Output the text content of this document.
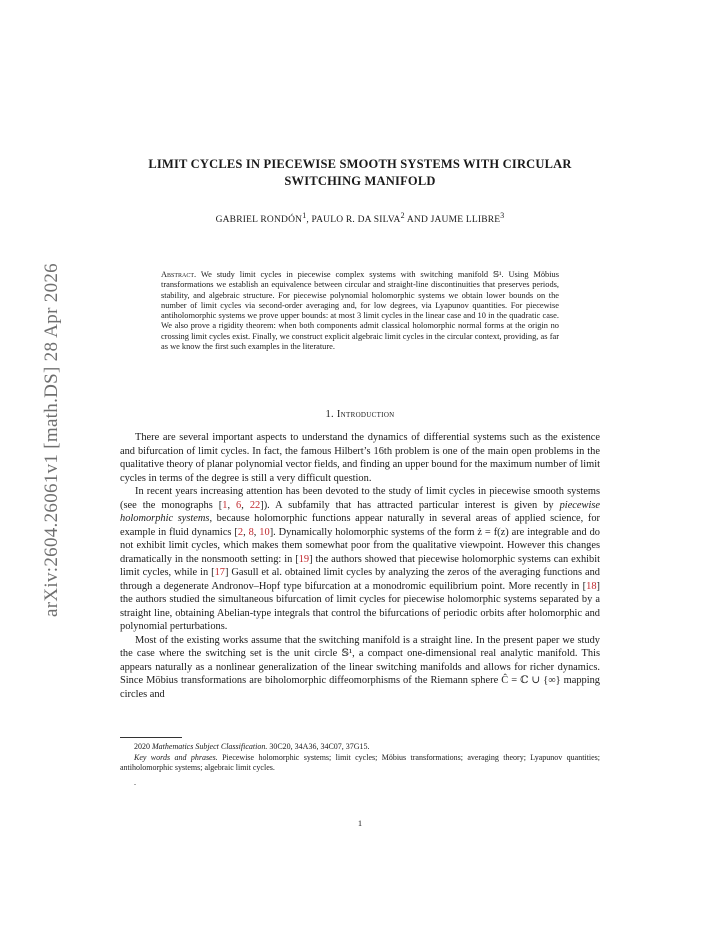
arXiv:2604.26061v1 [math.DS] 28 Apr 2026
LIMIT CYCLES IN PIECEWISE SMOOTH SYSTEMS WITH CIRCULAR
SWITCHING MANIFOLD
GABRIEL RONDÓN$^1$, PAULO R. DA SILVA$^2$ AND JAUME LLIBRE$^3$
Abstract. We study limit cycles in piecewise complex systems with switching manifold 𝕊¹. Using Möbius transformations we establish an equivalence between circular and straight-line discontinuities that preserves periods, stability, and algebraic structure. For piecewise polynomial holomorphic systems we obtain lower bounds on the number of limit cycles via second-order averaging and, for low degrees, via Lyapunov quantities. For piecewise antiholomorphic systems we prove upper bounds: at most 3 limit cycles in the linear case and 10 in the quadratic case. We also prove a rigidity theorem: when both components admit classical holomorphic normal forms at the origin no crossing limit cycles exist. Finally, we construct explicit algebraic limit cycles in the circular context, providing, as far as we know the first such examples in the literature.
1. Introduction

There are several important aspects to understand the dynamics of differential systems such as the existence and bifurcation of limit cycles. In fact, the famous Hilbert’s 16th problem is one of the main open problems in the qualitative theory of planar polynomial vector fields, and finding an upper bound for the maximum number of limit cycles in terms of the degree is still a very difficult question.

In recent years increasing attention has been devoted to the study of limit cycles in piecewise smooth systems (see the monographs [1, 6, 22]). A subfamily that has attracted particular interest is given by piecewise holomorphic systems, because holomorphic functions appear naturally in several areas of applied science, for example in fluid dynamics [2, 8, 10]. Dynamically holomorphic systems of the form ż = f(z) are integrable and do not exhibit limit cycles, which makes them somewhat poor from the qualitative viewpoint. However this changes dramatically in the nonsmooth setting: in [19] the authors showed that piecewise holomorphic systems can exhibit limit cycles, while in [17] Gasull et al. obtained limit cycles by analyzing the zeros of the averaging functions and through a degenerate Andronov–Hopf type bifurcation at a monodromic equilibrium point. More recently in [18] the authors studied the simultaneous bifurcation of limit cycles for piecewise holomorphic systems separated by a straight line, obtaining Abelian-type integrals that control the bifurcations of periodic orbits after holomorphic and polynomial perturbations.

Most of the existing works assume that the switching manifold is a straight line. In the present paper we study the case where the switching set is the unit circle 𝕊¹, a compact one-dimensional real analytic manifold. This appears naturally as a nonlinear generalization of the linear switching manifolds and allows for richer dynamics. Since Möbius transformations are biholomorphic diffeomorphisms of the Riemann sphere Ĉ = ℂ ∪ {∞} mapping circles and

2020 Mathematics Subject Classification. 30C20, 34A36, 34C07, 37G15.

Key words and phrases. Piecewise holomorphic systems; limit cycles; Möbius transformations; averaging theory; Lyapunov quantities; antiholomorphic systems; algebraic limit cycles.

.
1
